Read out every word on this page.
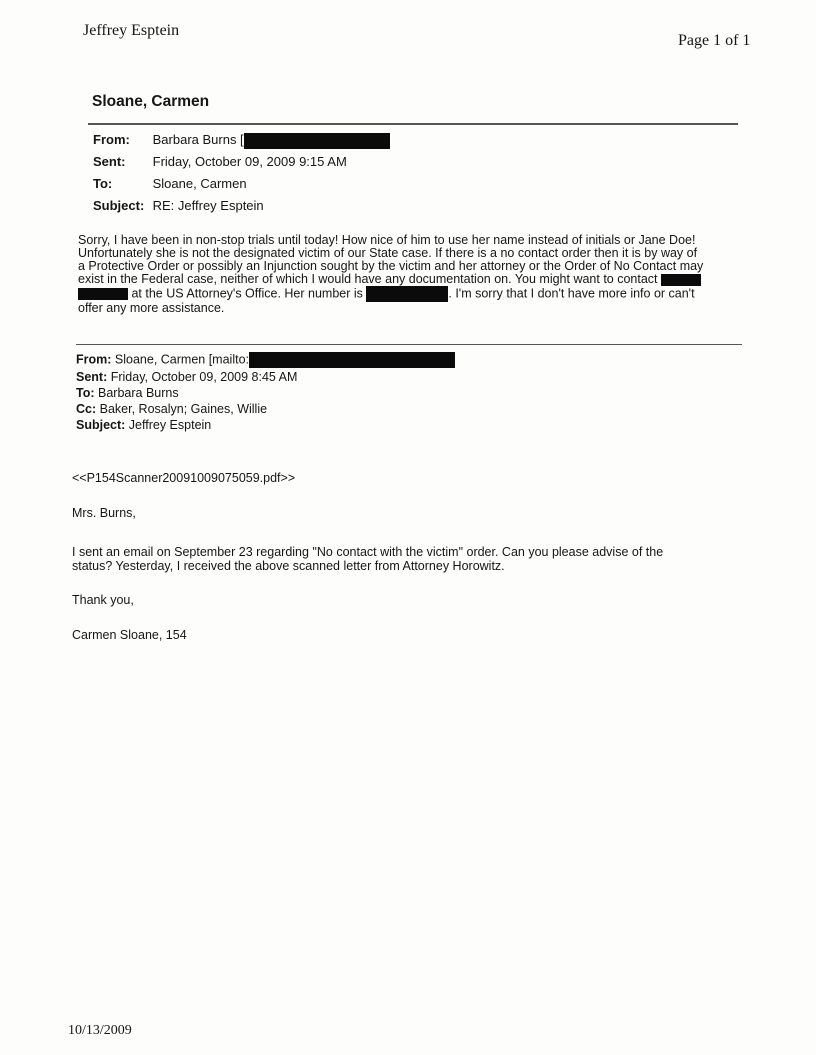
Jeffrey Esptein
Page 1 of 1
Sloane, Carmen
From: Barbara Burns [
Sent: Friday, October 09, 2009 9:15 AM
To:	Sloane, Carmen
Subject: RE: Jeffrey Esptein

Sorry, I have been in non-stop trials until today! How nice of him to use her name instead of initials or Jane Doe!

Unfortunately she is not the designated victim of our State case. If there is a no contact order then it is by way of

a Protective Order or possibly an Injunction sought by the victim and her attorney or the Order of No Contact may

exist in the Federal case, neither of which I would have any documentation on. You might want to contact

at the US Attorney's Office. Her number is	. I'm sorry that I don't have more info or can't

offer any more assistance.

From: Sloane, Carmen [mailto:
Sent: Friday, October 09, 2009 8:45 AM
To: Barbara Burns
Cc: Baker, Rosalyn; Gaines, Willie
Subject: Jeffrey Esptein
<<P154Scanner20091009075059.pdf>>
Mrs. Burns,
I sent an email on September 23 regarding "No contact with the victim" order. Can you please advise of the
status? Yesterday, I received the above scanned letter from Attorney Horowitz.
Thank you,
Carmen Sloane, 154
10/13/2009
